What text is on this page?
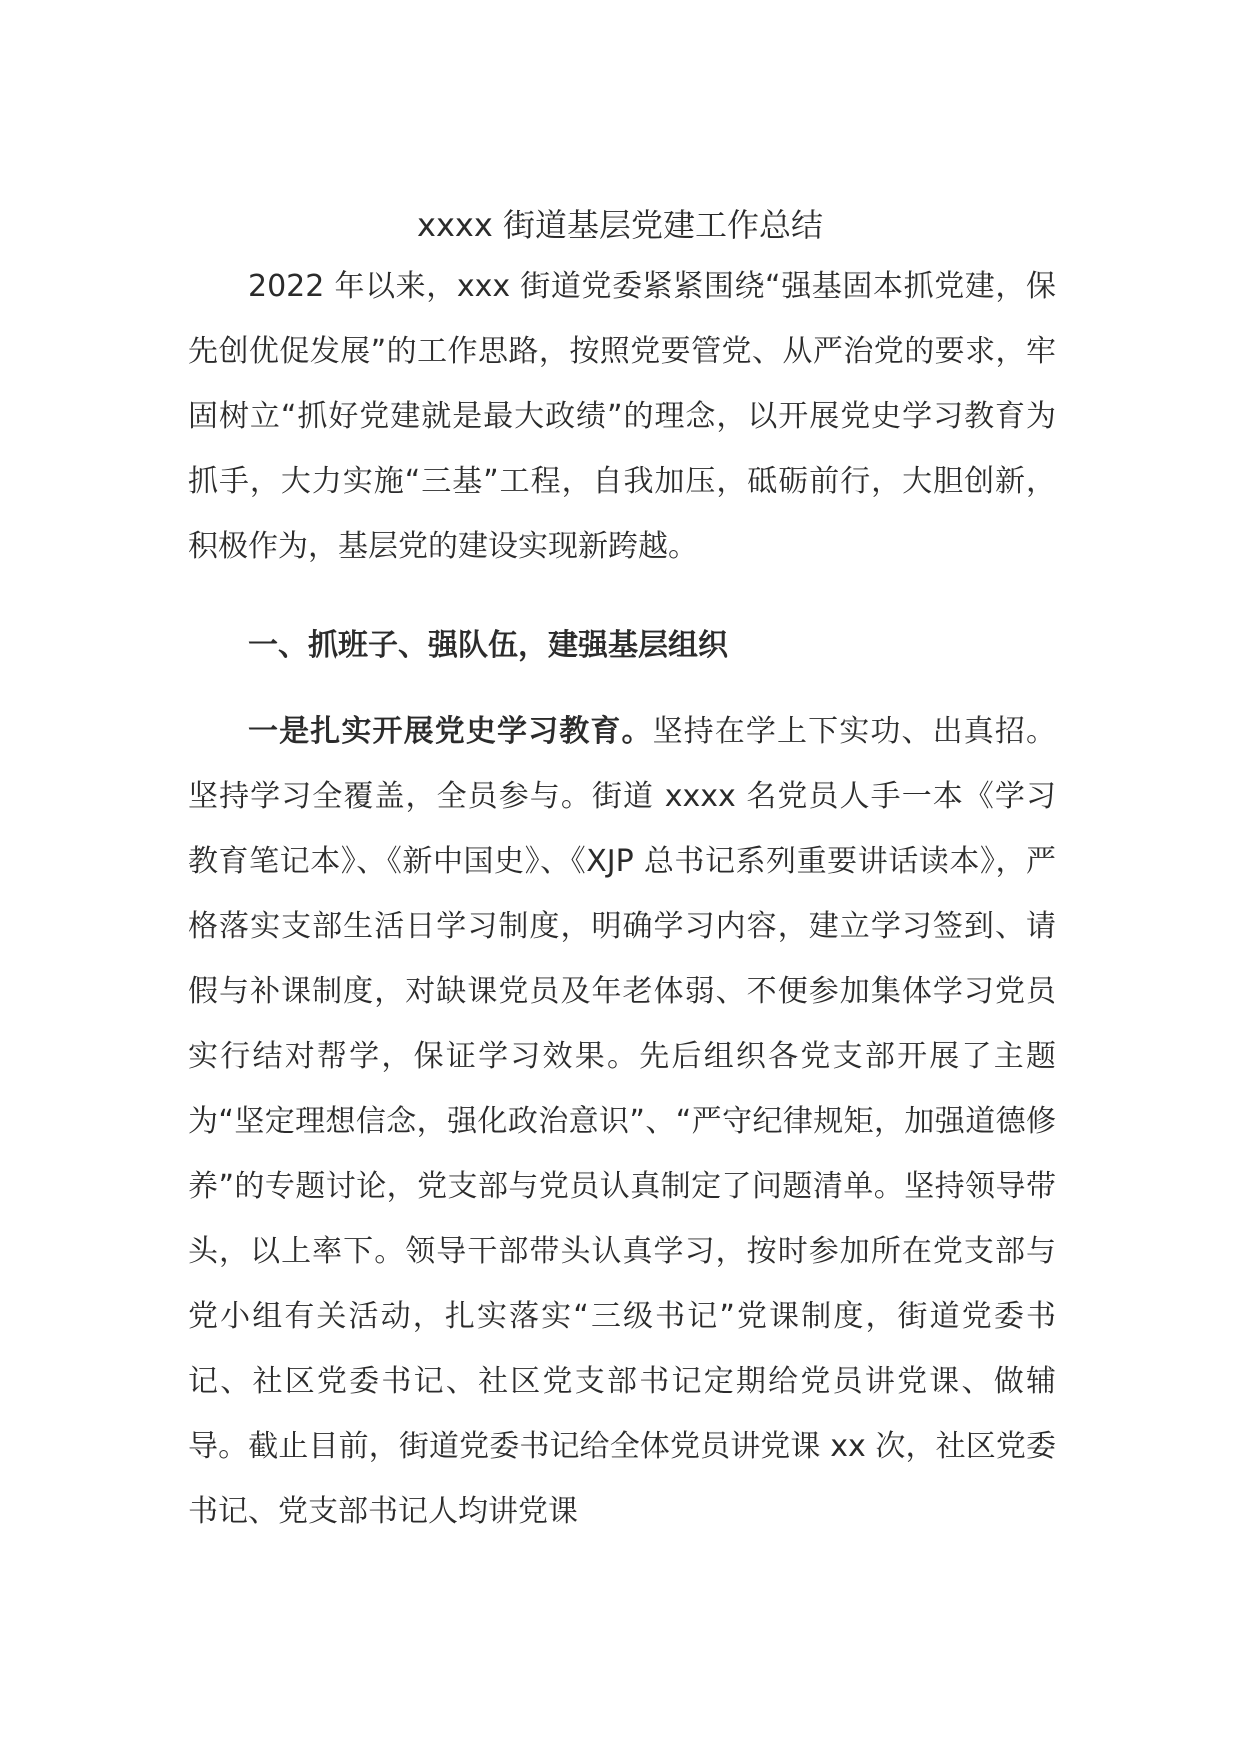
xxxx 街道基层党建工作总结

2022 年以来，xxx 街道党委紧紧围绕“强基固本抓党建，保先创优促发展”的工作思路，按照党要管党、从严治党的要求，牢固树立“抓好党建就是最大政绩”的理念，以开展党史学习教育为抓手，大力实施“三基”工程，自我加压，砥砺前行，大胆创新，积极作为，基层党的建设实现新跨越。

一、抓班子、强队伍，建强基层组织

一是扎实开展党史学习教育。坚持在学上下实功、出真招。坚持学习全覆盖，全员参与。街道 xxxx 名党员人手一本《学习教育笔记本》、《新中国史》、《XJP 总书记系列重要讲话读本》，严格落实支部生活日学习制度，明确学习内容，建立学习签到、请假与补课制度，对缺课党员及年老体弱、不便参加集体学习党员实行结对帮学，保证学习效果。先后组织各党支部开展了主题为“坚定理想信念，强化政治意识”、“严守纪律规矩，加强道德修养”的专题讨论，党支部与党员认真制定了问题清单。坚持领导带头，以上率下。领导干部带头认真学习，按时参加所在党支部与党小组有关活动，扎实落实“三级书记”党课制度，街道党委书记、社区党委书记、社区党支部书记定期给党员讲党课、做辅导。截止目前，街道党委书记给全体党员讲党课 xx 次，社区党委书记、党支部书记人均讲党课
